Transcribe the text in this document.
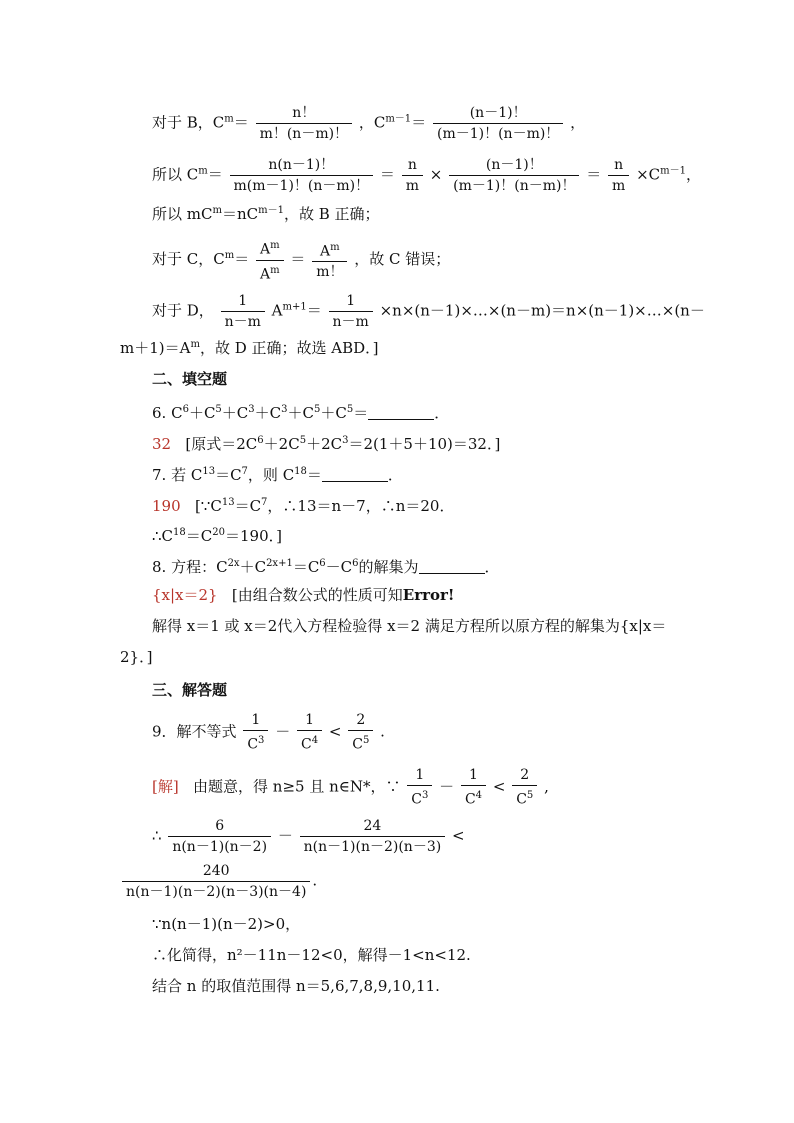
对于 B，$C^m= \frac{n!}{m!(n-m)!}$ ，$C^{m-1}= \frac{(n-1)!}{(m-1)!(n-m)!}$ ，
所以 $C^m= \frac{n(n-1)!}{m(m-1)!(n-m)!} = \frac{n}{m} \times \frac{(n-1)!}{(m-1)!(n-m)!} = \frac{n}{m} \times C^{m-1}$，
所以 $mC^m=nC^{m-1}$，故 B 正确；
对于 C，$C^m= \frac{A^m}{A^m} = \frac{A^m}{m!}$ ，故 C 错误；
对于 D， $\frac{1}{n-m} A^{m+1}= \frac{1}{n-m}$ ×n×(n－1)×…×(n－m)＝n×(n－1)×…×(n－
$m+1)=A^m$，故 D 正确；故选 ABD．]
二、填空题
6. $C^6+C^5+C^3+C^3+C^5+C^5=$	．
32 [原式$=2C^6+2C^5+2C^3=2(1+5+10)=32$．]
7. 若 $C^{13}=C^7$，则 $C^{18}=$	．
190 [$\because C^{13}=C^7$，∴13＝n－7，∴n＝20．
$\therefore C^{18}=C^{20}=190$．]
8. 方程：$C^{2x}+C^{2x+1}=C^6-C^6$的解集为	．
{x|x＝2} [由组合数公式的性质可知Error!
解得 x＝1 或 x＝2代入方程检验得 x＝2 满足方程所以原方程的解集为{x|x＝
2}．]
三、解答题
9．解不等式 $\frac{1}{C^3} - \frac{1}{C^4} < \frac{2}{C^5}$ .
[解] 由题意，得 n≥5 且 n∈N*，∵ $\frac{1}{C^3} - \frac{1}{C^4} < \frac{2}{C^5}$ ,
∴ $\frac{6}{n(n-1)(n-2)} - \frac{24}{n(n-1)(n-2)(n-3)}$ <
$\frac{240}{n(n-1)(n-2)(n-3)(n-4)}$ .
∵n(n－1)(n－2)>0，
∴化简得，n²－11n－12<0，解得－1<n<12.
结合 n 的取值范围得 n＝5,6,7,8,9,10,11.
